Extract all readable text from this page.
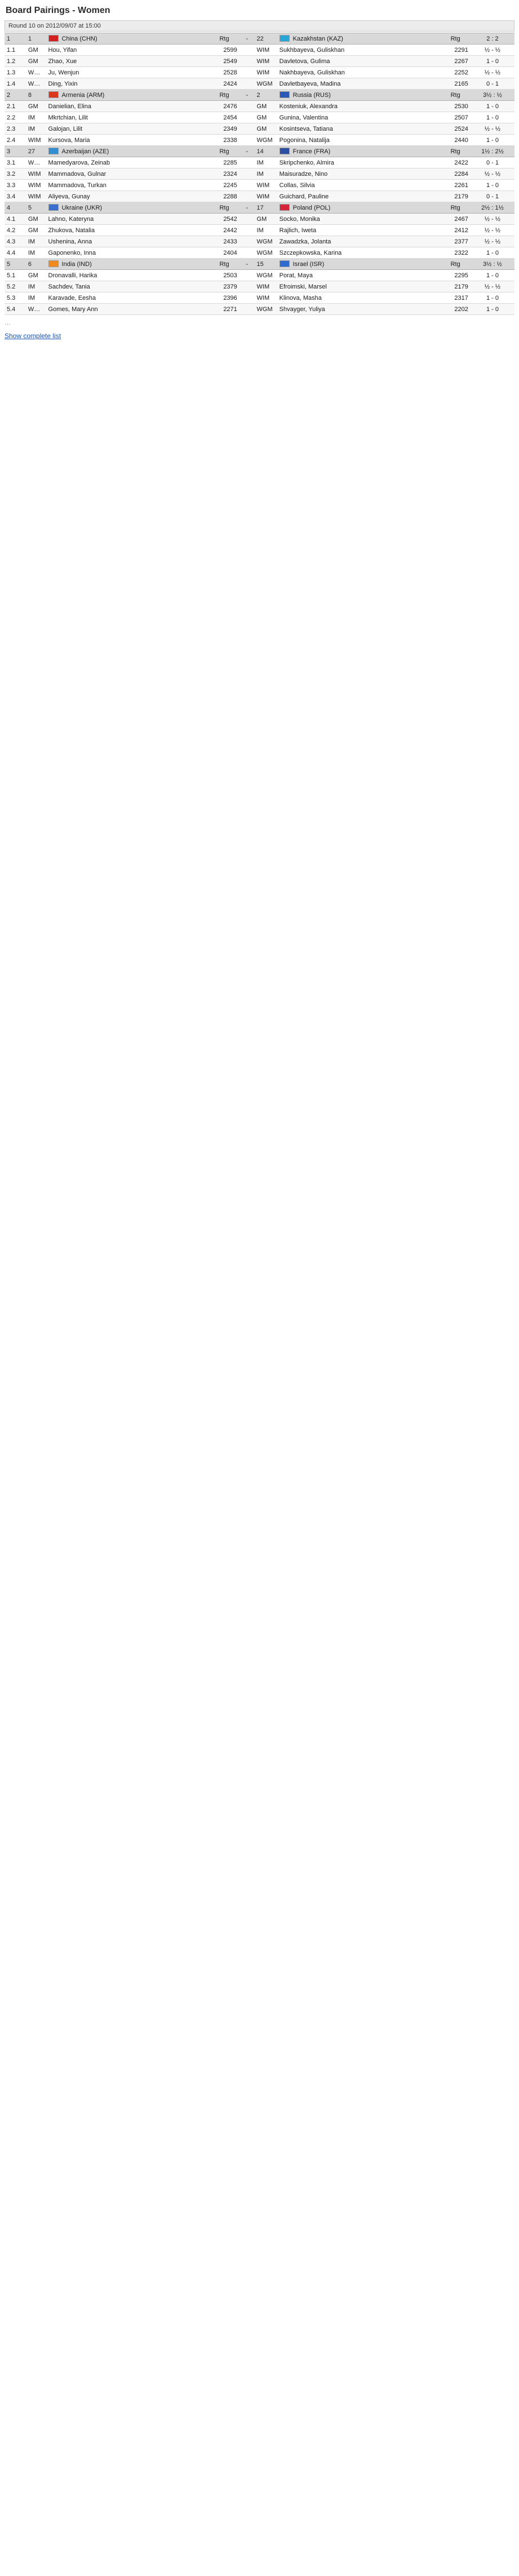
Board Pairings - Women
Round 10 on 2012/09/07 at 15:00
1	1	China (CHN)	Rtg	-	22	Kazakhstan (KAZ)	Rtg	2 : 2
1.1	GM	Hou, Yifan	2599		WIM	Sukhbayeva, Guliskhan	2291	½ - ½
1.2	GM	Zhao, Xue	2549		WIM	Davletova, Gulima	2267	1 - 0
1.3	WGM	Ju, Wenjun	2528		WIM	Nakhbayeva, Guliskhan	2252	½ - ½
1.4	WGM	Ding, Yixin	2424		WGM	Davletbayeva, Madina	2165	0 - 1
2	8	Armenia (ARM)	Rtg	-	2	Russia (RUS)	Rtg	3½ : ½
2.1	GM	Danielian, Elina	2476		GM	Kosteniuk, Alexandra	2530	1 - 0
2.2	IM	Mkrtchian, Lilit	2454		GM	Gunina, Valentina	2507	1 - 0
2.3	IM	Galojan, Lilit	2349		GM	Kosintseva, Tatiana	2524	½ - ½
2.4	WIM	Kursova, Maria	2338		WGM	Pogonina, Natalija	2440	1 - 0
3	27	Azerbaijan (AZE)	Rtg	-	14	France (FRA)	Rtg	1½ : 2½
3.1	WGM	Mamedyarova, Zeinab	2285		IM	Skripchenko, Almira	2422	0 - 1
3.2	WIM	Mammadova, Gulnar	2324		IM	Maisuradze, Nino	2284	½ - ½
3.3	WIM	Mammadova, Turkan	2245		WIM	Collas, Silvia	2261	1 - 0
3.4	WIM	Aliyeva, Gunay	2288		WIM	Guichard, Pauline	2179	0 - 1
4	5	Ukraine (UKR)	Rtg	-	17	Poland (POL)	Rtg	2½ : 1½
4.1	GM	Lahno, Kateryna	2542		GM	Socko, Monika	2467	½ - ½
4.2	GM	Zhukova, Natalia	2442		IM	Rajlich, Iweta	2412	½ - ½
4.3	IM	Ushenina, Anna	2433		WGM	Zawadzka, Jolanta	2377	½ - ½
4.4	IM	Gaponenko, Inna	2404		WGM	Szczepkowska, Karina	2322	1 - 0
5	6	India (IND)	Rtg	-	15	Israel (ISR)	Rtg	3½ : ½
5.1	GM	Dronavalli, Harika	2503		WGM	Porat, Maya	2295	1 - 0
5.2	IM	Sachdev, Tania	2379		WIM	Efroimski, Marsel	2179	½ - ½
5.3	IM	Karavade, Eesha	2396		WIM	Klinova, Masha	2317	1 - 0
5.4	WGM	Gomes, Mary Ann	2271		WGM	Shvayger, Yuliya	2202	1 - 0
…
Show complete list
